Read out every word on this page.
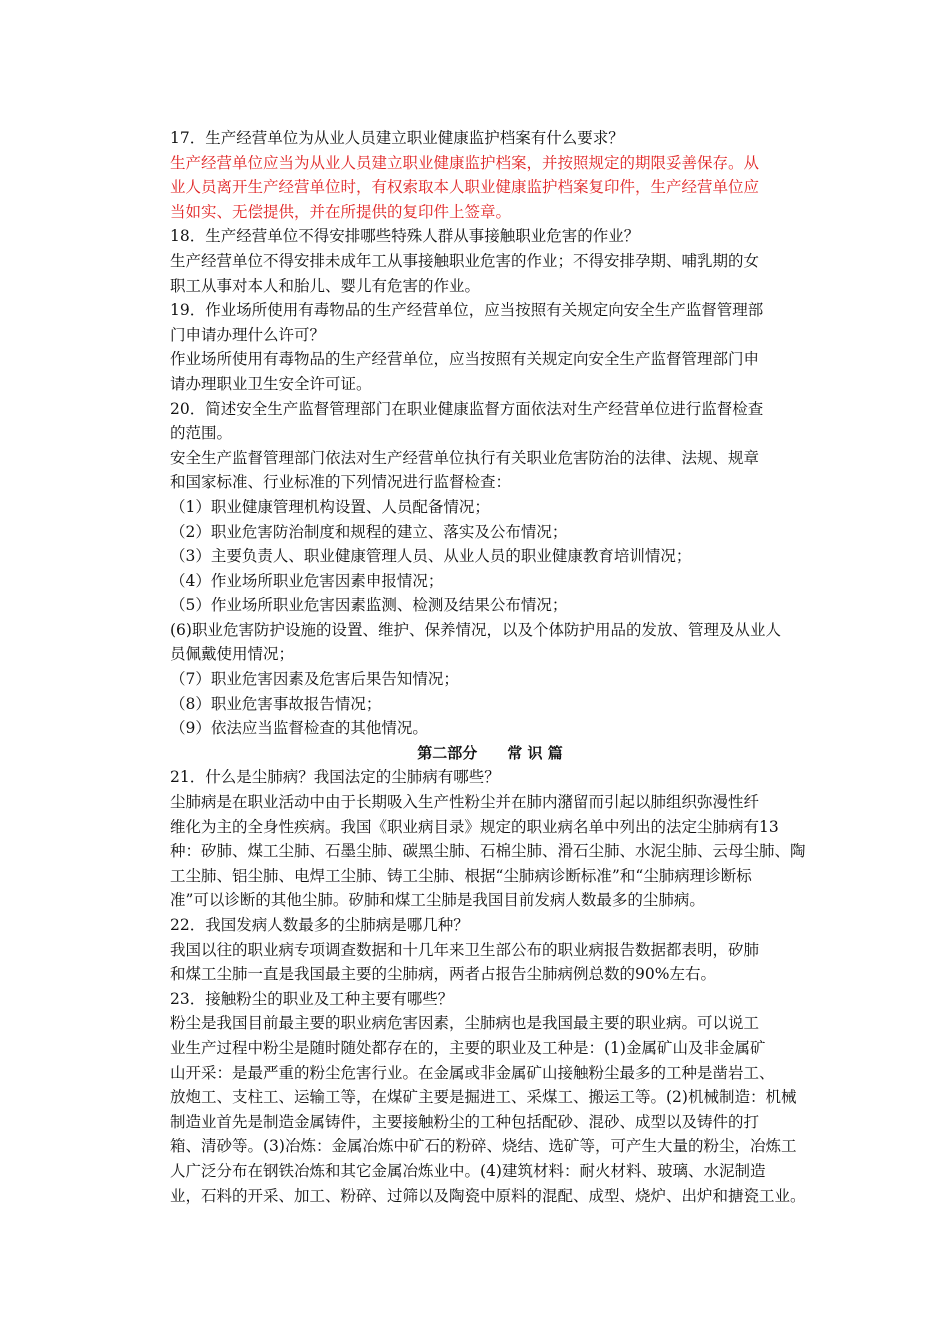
17．生产经营单位为从业人员建立职业健康监护档案有什么要求？
生产经营单位应当为从业人员建立职业健康监护档案，并按照规定的期限妥善保存。从
业人员离开生产经营单位时，有权索取本人职业健康监护档案复印件，生产经营单位应
当如实、无偿提供，并在所提供的复印件上签章。
18．生产经营单位不得安排哪些特殊人群从事接触职业危害的作业？
生产经营单位不得安排未成年工从事接触职业危害的作业；不得安排孕期、哺乳期的女
职工从事对本人和胎儿、婴儿有危害的作业。
19．作业场所使用有毒物品的生产经营单位，应当按照有关规定向安全生产监督管理部
门申请办理什么许可？
作业场所使用有毒物品的生产经营单位，应当按照有关规定向安全生产监督管理部门申
请办理职业卫生安全许可证。
20．简述安全生产监督管理部门在职业健康监督方面依法对生产经营单位进行监督检查
的范围。
安全生产监督管理部门依法对生产经营单位执行有关职业危害防治的法律、法规、规章
和国家标准、行业标准的下列情况进行监督检查：
（1）职业健康管理机构设置、人员配备情况；
（2）职业危害防治制度和规程的建立、落实及公布情况；
（3）主要负责人、职业健康管理人员、从业人员的职业健康教育培训情况；
（4）作业场所职业危害因素申报情况；
（5）作业场所职业危害因素监测、检测及结果公布情况；
(6)职业危害防护设施的设置、维护、保养情况，以及个体防护用品的发放、管理及从业人
员佩戴使用情况；
（7）职业危害因素及危害后果告知情况；
（8）职业危害事故报告情况；
（9）依法应当监督检查的其他情况。
第二部分　　常 识 篇
21．什么是尘肺病？我国法定的尘肺病有哪些？
尘肺病是在职业活动中由于长期吸入生产性粉尘并在肺内潴留而引起以肺组织弥漫性纤
维化为主的全身性疾病。我国《职业病目录》规定的职业病名单中列出的法定尘肺病有13
种：矽肺、煤工尘肺、石墨尘肺、碳黑尘肺、石棉尘肺、滑石尘肺、水泥尘肺、云母尘肺、陶
工尘肺、铝尘肺、电焊工尘肺、铸工尘肺、根据“尘肺病诊断标准”和“尘肺病理诊断标
准”可以诊断的其他尘肺。矽肺和煤工尘肺是我国目前发病人数最多的尘肺病。
22．我国发病人数最多的尘肺病是哪几种？
我国以往的职业病专项调查数据和十几年来卫生部公布的职业病报告数据都表明，矽肺
和煤工尘肺一直是我国最主要的尘肺病，两者占报告尘肺病例总数的90%左右。
23．接触粉尘的职业及工种主要有哪些？
粉尘是我国目前最主要的职业病危害因素，尘肺病也是我国最主要的职业病。可以说工
业生产过程中粉尘是随时随处都存在的，主要的职业及工种是：(1)金属矿山及非金属矿
山开采：是最严重的粉尘危害行业。在金属或非金属矿山接触粉尘最多的工种是凿岩工、
放炮工、支柱工、运输工等，在煤矿主要是掘进工、采煤工、搬运工等。(2)机械制造：机械
制造业首先是制造金属铸件，主要接触粉尘的工种包括配砂、混砂、成型以及铸件的打
箱、清砂等。(3)冶炼：金属冶炼中矿石的粉碎、烧结、选矿等，可产生大量的粉尘，冶炼工
人广泛分布在钢铁冶炼和其它金属冶炼业中。(4)建筑材料：耐火材料、玻璃、水泥制造
业，石料的开采、加工、粉碎、过筛以及陶瓷中原料的混配、成型、烧炉、出炉和搪瓷工业。
